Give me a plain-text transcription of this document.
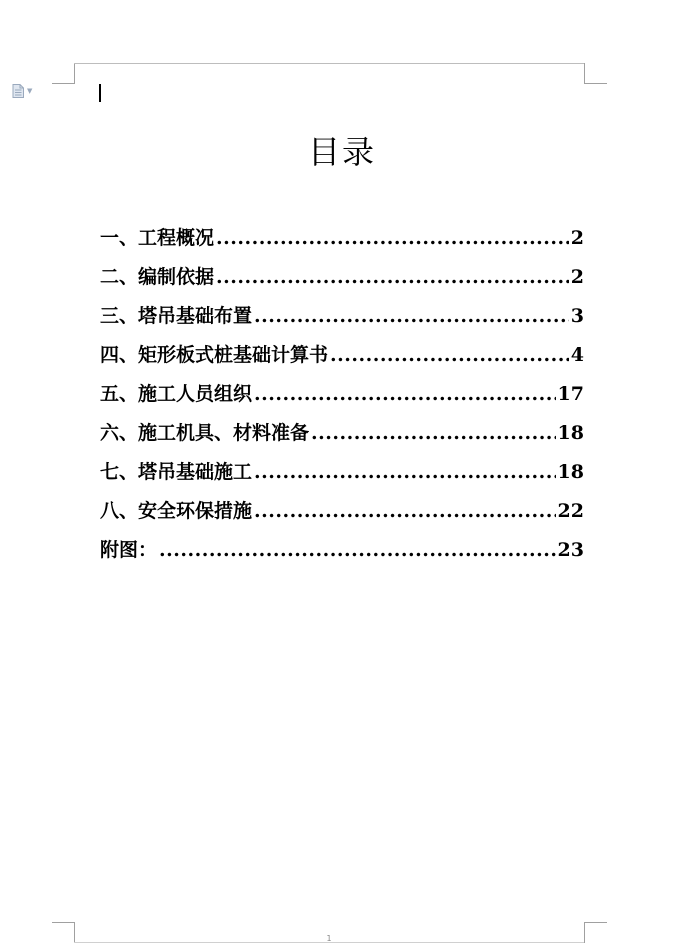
▼
目录
一、工程概况 .....	2
二、编制依据 .....	2
三、塔吊基础布置 .....	3
四、矩形板式桩基础计算书 .....	4
五、施工人员组织 .....	17
六、施工机具、材料准备 .....	18
七、塔吊基础施工 .....	18
八、安全环保措施 .....	22
附图： .....	23
1
